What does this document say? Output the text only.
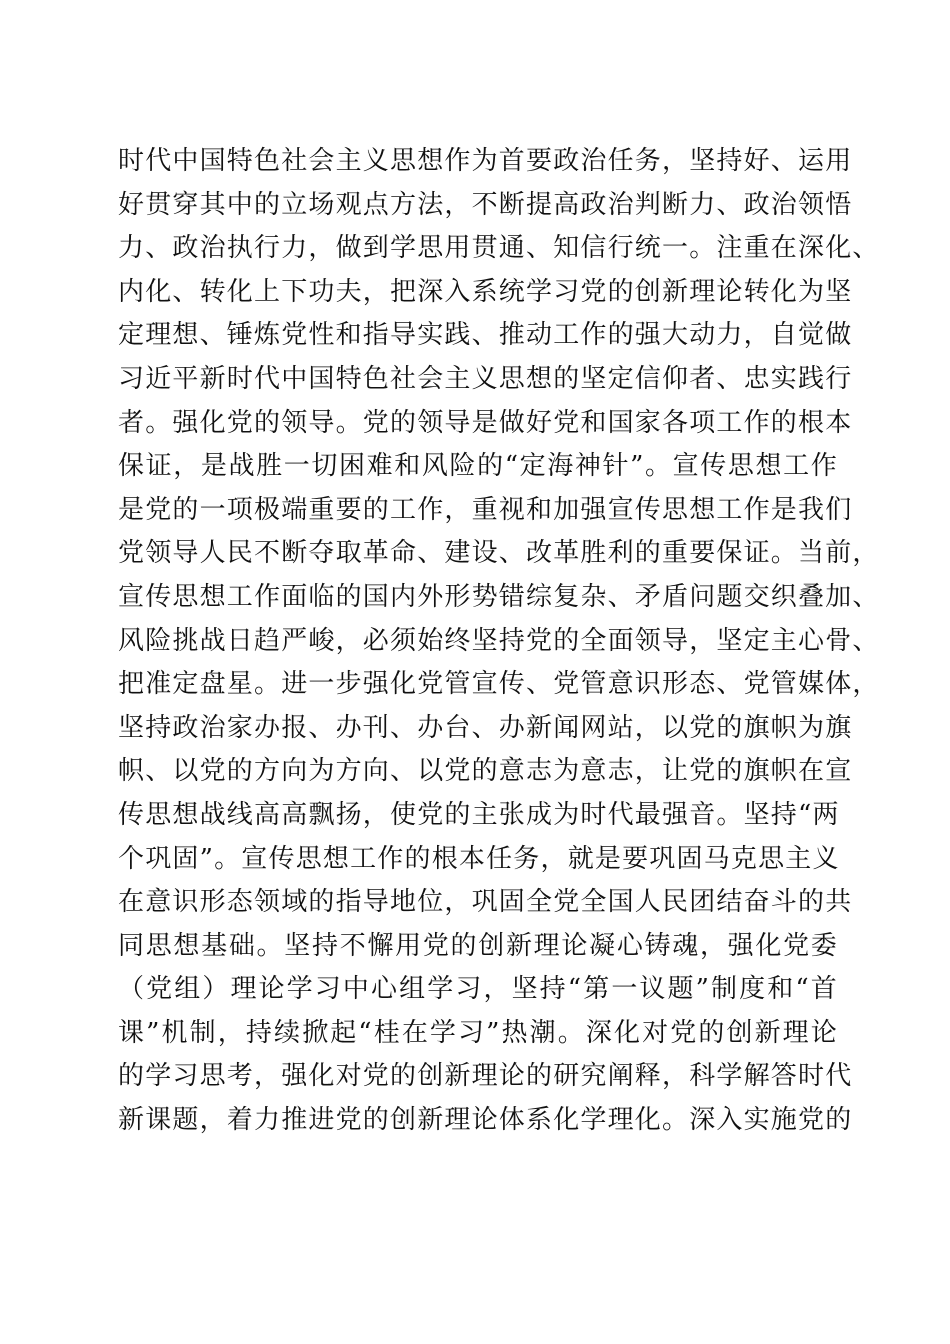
时代中国特色社会主义思想作为首要政治任务，坚持好、运用
好贯穿其中的立场观点方法，不断提高政治判断力、政治领悟
力、政治执行力，做到学思用贯通、知信行统一。注重在深化、
内化、转化上下功夫，把深入系统学习党的创新理论转化为坚
定理想、锤炼党性和指导实践、推动工作的强大动力，自觉做
习近平新时代中国特色社会主义思想的坚定信仰者、忠实践行
者。强化党的领导。党的领导是做好党和国家各项工作的根本
保证，是战胜一切困难和风险的“定海神针”。宣传思想工作
是党的一项极端重要的工作，重视和加强宣传思想工作是我们
党领导人民不断夺取革命、建设、改革胜利的重要保证。当前，
宣传思想工作面临的国内外形势错综复杂、矛盾问题交织叠加、
风险挑战日趋严峻，必须始终坚持党的全面领导，坚定主心骨、
把准定盘星。进一步强化党管宣传、党管意识形态、党管媒体，
坚持政治家办报、办刊、办台、办新闻网站，以党的旗帜为旗
帜、以党的方向为方向、以党的意志为意志，让党的旗帜在宣
传思想战线高高飘扬，使党的主张成为时代最强音。坚持“两
个巩固”。宣传思想工作的根本任务，就是要巩固马克思主义
在意识形态领域的指导地位，巩固全党全国人民团结奋斗的共
同思想基础。坚持不懈用党的创新理论凝心铸魂，强化党委
（党组）理论学习中心组学习，坚持“第一议题”制度和“首
课”机制，持续掀起“桂在学习”热潮。深化对党的创新理论
的学习思考，强化对党的创新理论的研究阐释，科学解答时代
新课题，着力推进党的创新理论体系化学理化。深入实施党的
